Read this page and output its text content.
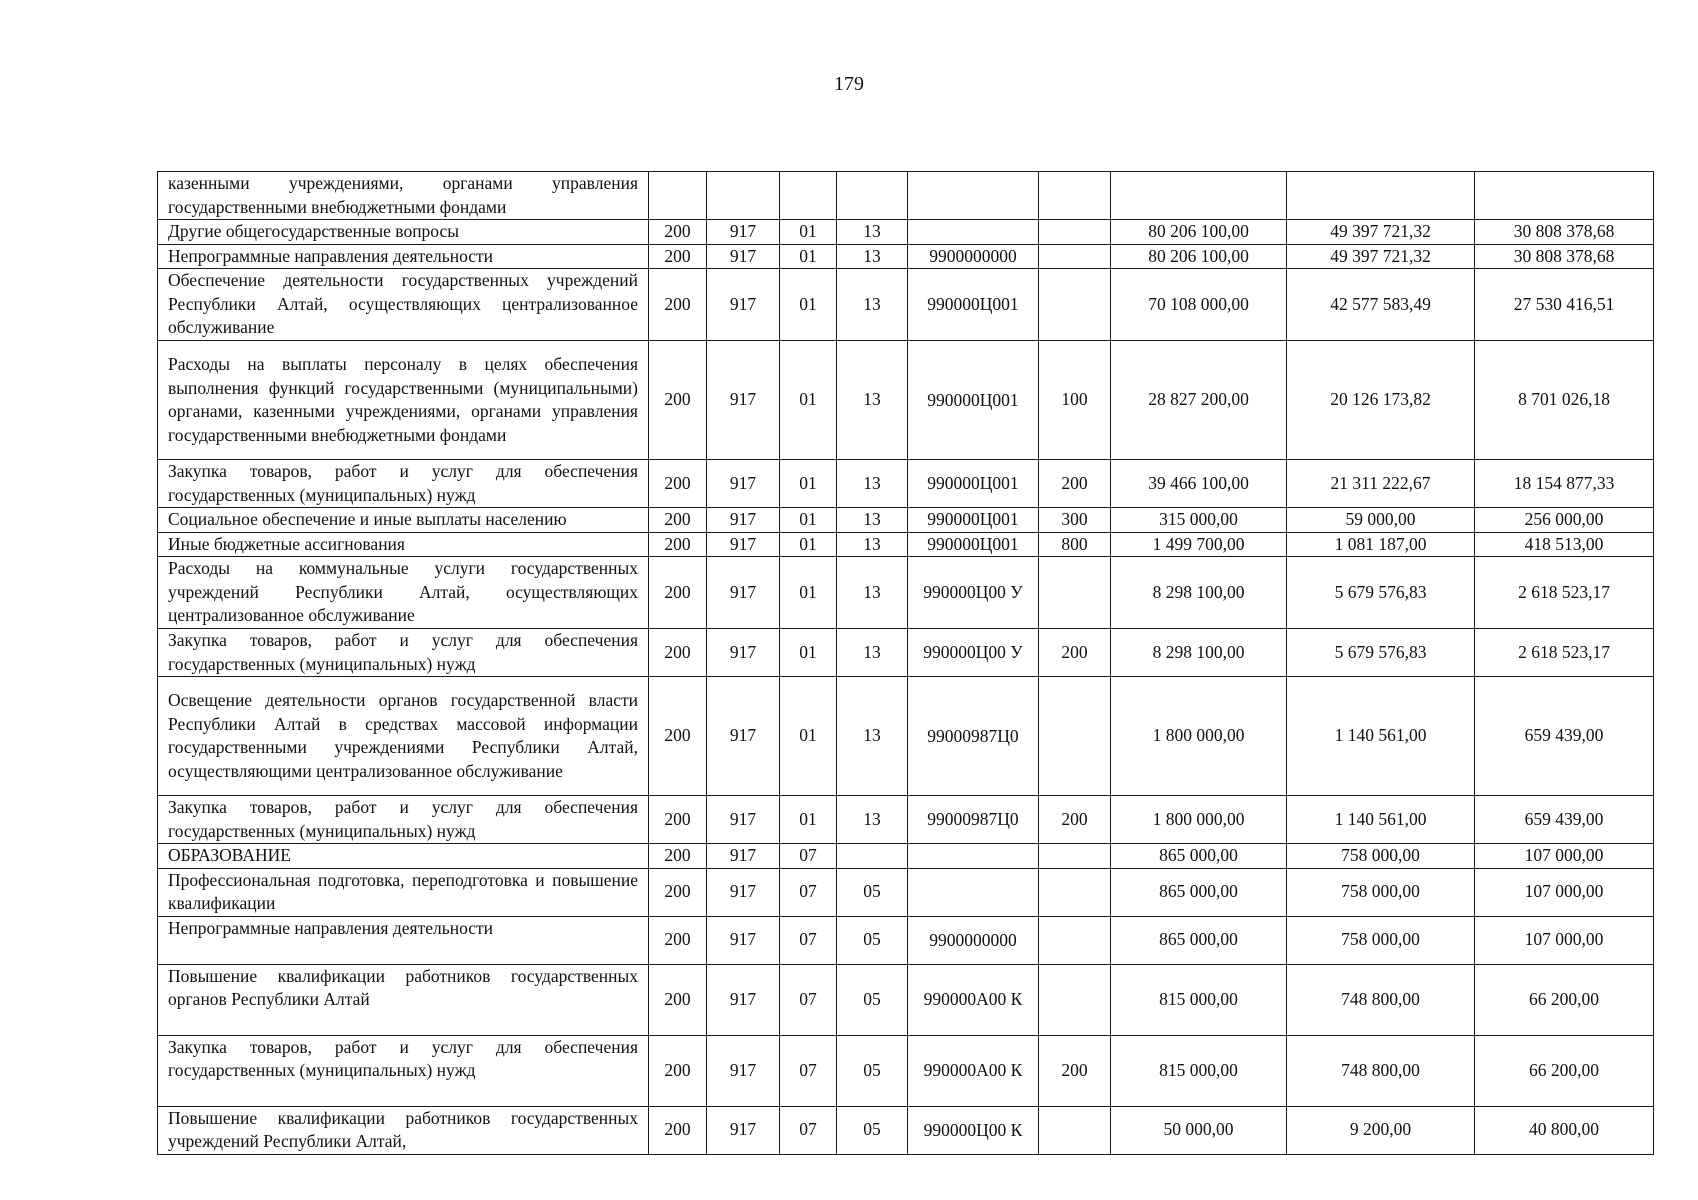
179
казенными учреждениями, органами управления государственными внебюджетными фондами									
Другие общегосударственные вопросы	200	917	01	13			80 206 100,00	49 397 721,32	30 808 378,68
Непрограммные направления деятельности	200	917	01	13	9900000000		80 206 100,00	49 397 721,32	30 808 378,68
Обеспечение деятельности государственных учреждений Республики Алтай, осуществляющих централизованное обслуживание	200	917	01	13	990000Ц001		70 108 000,00	42 577 583,49	27 530 416,51
Расходы на выплаты персоналу в целях обеспечения выполнения функций государственными (муниципальными) органами, казенными учреждениями, органами управления государственными внебюджетными фондами	200	917	01	13	990000Ц001	100	28 827 200,00	20 126 173,82	8 701 026,18
Закупка товаров, работ и услуг для обеспечения государственных (муниципальных) нужд	200	917	01	13	990000Ц001	200	39 466 100,00	21 311 222,67	18 154 877,33
Социальное обеспечение и иные выплаты населению	200	917	01	13	990000Ц001	300	315 000,00	59 000,00	256 000,00
Иные бюджетные ассигнования	200	917	01	13	990000Ц001	800	1 499 700,00	1 081 187,00	418 513,00
Расходы на коммунальные услуги государственных учреждений Республики Алтай, осуществляющих централизованное обслуживание	200	917	01	13	990000Ц00 У		8 298 100,00	5 679 576,83	2 618 523,17
Закупка товаров, работ и услуг для обеспечения государственных (муниципальных) нужд	200	917	01	13	990000Ц00 У	200	8 298 100,00	5 679 576,83	2 618 523,17
Освещение деятельности органов государственной власти Республики Алтай в средствах массовой информации государственными учреждениями Республики Алтай, осуществляющими централизованное обслуживание	200	917	01	13	99000987Ц0		1 800 000,00	1 140 561,00	659 439,00
Закупка товаров, работ и услуг для обеспечения государственных (муниципальных) нужд	200	917	01	13	99000987Ц0	200	1 800 000,00	1 140 561,00	659 439,00
ОБРАЗОВАНИЕ	200	917	07				865 000,00	758 000,00	107 000,00
Профессиональная подготовка, переподготовка и повышение квалификации	200	917	07	05			865 000,00	758 000,00	107 000,00
Непрограммные направления деятельности	200	917	07	05	9900000000		865 000,00	758 000,00	107 000,00
Повышение квалификации работников государственных органов Республики Алтай	200	917	07	05	990000А00 К		815 000,00	748 800,00	66 200,00
Закупка товаров, работ и услуг для обеспечения государственных (муниципальных) нужд	200	917	07	05	990000А00 К	200	815 000,00	748 800,00	66 200,00
Повышение квалификации работников государственных учреждений Республики Алтай,	200	917	07	05	990000Ц00 К		50 000,00	9 200,00	40 800,00
